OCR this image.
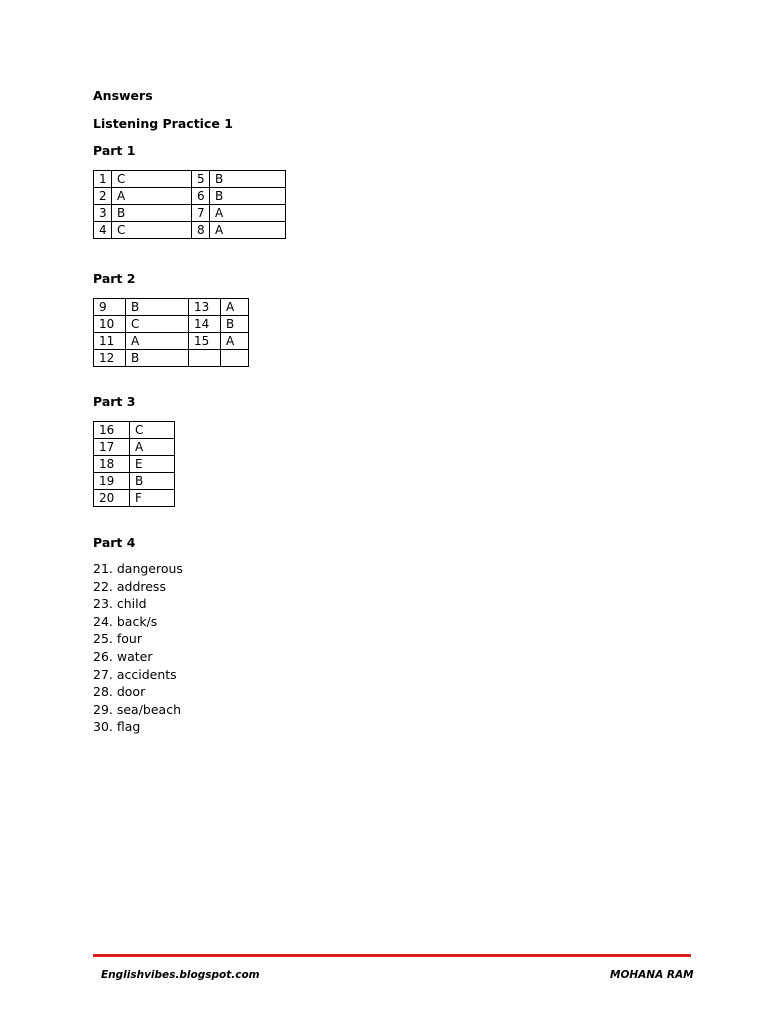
Answers
Listening Practice 1
Part 1
1	C	5	B
2	A	6	B
3	B	7	A
4	C	8	A
Part 2
9	B	13	A
10	C	14	B
11	A	15	A
12	B		
Part 3
16	C
17	A
18	E
19	B
20	F
Part 4
21. dangerous
22. address
23. child
24. back/s
25. four
26. water
27. accidents
28. door
29. sea/beach
30. flag
Englishvibes.blogspot.com	MOHANA RAM
